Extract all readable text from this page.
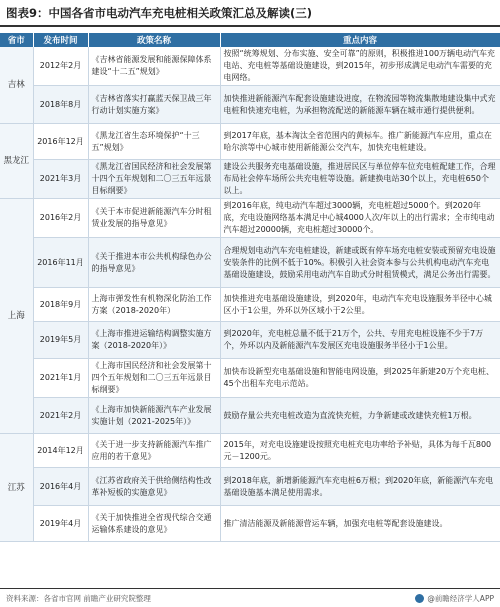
图表9：中国各省市电动汽车充电桩相关政策汇总及解读(三)
省市	发布时间	政策名称	重点内容
吉林	2012年2月	《吉林省能源发展和能源保障体系建设“十二五”规划》	按照“统筹规划、分布实施、安全可靠”的原则，积极推进100万辆电动汽车充电站、充电桩等基础设施建设，到2015年，初步形成满足电动汽车需要的充电网络。
	2018年8月	《吉林省落实打赢蓝天保卫战三年行动计划实施方案》	加快推进新能源汽车配套设施建设进度，在物流园等物流集散地建设集中式充电桩和快速充电桩，为承担物流配送的新能源车辆在城市通行提供便利。
黑龙江	2016年12月	《黑龙江省生态环境保护“十三五”规划》	到2017年底，基本淘汰全省范围内的黄标车。推广新能源汽车应用，重点在哈尔滨等中心城市使用新能源公交汽车，加快充电桩建设。
	2021年3月	《黑龙江省国民经济和社会发展第十四个五年规划和二〇三五年远景目标纲要》	建设公共服务充电基础设施，推进居民区与单位停车位充电桩配建工作，合理布局社会停车场所公共充电桩等设施。新建换电站30个以上，充电桩650个以上。
上海	2016年2月	《关于本市促进新能源汽车分时租赁业发展的指导意见》	到2016年底，纯电动汽车超过3000辆，充电桩超过5000个。到2020年底，充电设施网络基本满足中心城4000人次/年以上的出行需求；全市纯电动汽车超过20000辆，充电桩超过30000个。
	2016年11月	《关于推进本市公共机构绿色办公的指导意见》	合理规划电动汽车充电桩建设，新建或既有停车场充电桩安装或预留充电设施安装条件的比例不低于10%。积极引入社会资本参与公共机构电动汽车充电基础设施建设，鼓励采用电动汽车自助式分时租赁模式，满足公务出行需要。
	2018年9月	上海市弹发性有机物深化防治工作方案（2018-2020年）	加快推进充电基础设施建设，到2020年，电动汽车充电设施服务半径中心城区小于1公里，外环以外区域小于2公里。
	2019年5月	《上海市推进运输结构调整实施方案（2018-2020年）》	到2020年，充电桩总量不低于21万个，公共、专用充电桩设施不少于7万个，外环以内及新能源汽车发展区充电设施服务半径小于1公里。
	2021年1月	《上海市国民经济和社会发展第十四个五年规划和二〇三五年远景目标纲要》	加快布设新型充电基础设施和智能电网设施，到2025年新建20万个充电桩、45个出租车充电示范站。
	2021年2月	《上海市加快新能源汽车产业发展实施计划（2021-2025年）》	鼓励存量公共充电桩改造为直流快充桩，力争新建或改建快充桩1万根。
江苏	2014年12月	《关于进一步支持新能源汽车推广应用的若干意见》	2015年，对充电设施建设按照充电桩充电功率给予补贴，具体为每千瓦800元－1200元。
	2016年4月	《江苏省政府关于供给侧结构性改革补短板的实施意见》	到2018年底，新增新能源汽车充电桩6万根；到2020年底，新能源汽车充电基础设施基本满足使用需求。
	2019年4月	《关于加快推进全省现代综合交通运输体系建设的意见》	推广清洁能源及新能源营运车辆，加强充电桩等配套设施建设。
资料来源：各省市官网 前瞻产业研究院整理	@前瞻经济学人APP
